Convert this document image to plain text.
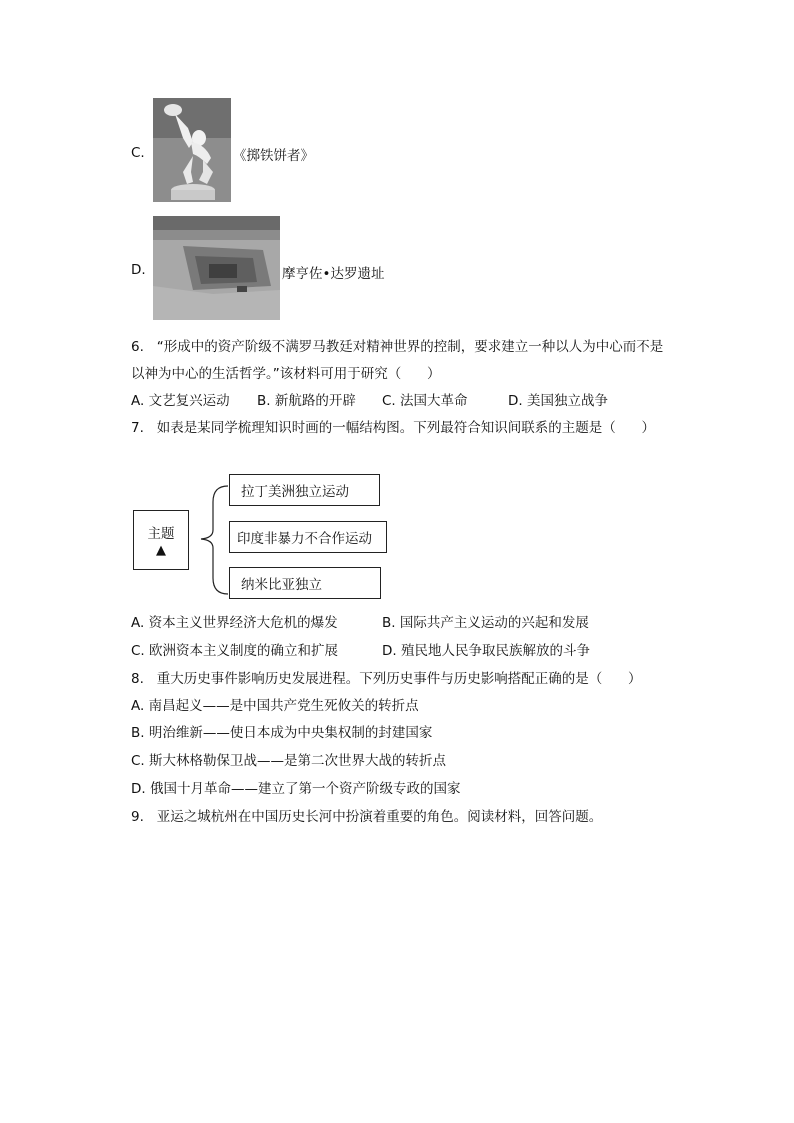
C.	《掷铁饼者》
D.	摩亨佐•达罗遗址
6.   “形成中的资产阶级不满罗马教廷对精神世界的控制，要求建立一种以人为中心而不是
以神为中心的生活哲学。”该材料可用于研究（      ）
A. 文艺复兴运动 B. 新航路的开辟 C. 法国大革命	D. 美国独立战争
7.   如表是某同学梳理知识时画的一幅结构图。下列最符合知识间联系的主题是（      ）
主题
▲
拉丁美洲独立运动
印度非暴力不合作运动
纳米比亚独立
A. 资本主义世界经济大危机的爆发	B. 国际共产主义运动的兴起和发展
C. 欧洲资本主义制度的确立和扩展	D. 殖民地人民争取民族解放的斗争
8.   重大历史事件影响历史发展进程。下列历史事件与历史影响搭配正确的是（      ）
A. 南昌起义——是中国共产党生死攸关的转折点
B. 明治维新——使日本成为中央集权制的封建国家
C. 斯大林格勒保卫战——是第二次世界大战的转折点
D. 俄国十月革命——建立了第一个资产阶级专政的国家
9.   亚运之城杭州在中国历史长河中扮演着重要的角色。阅读材料，回答问题。
